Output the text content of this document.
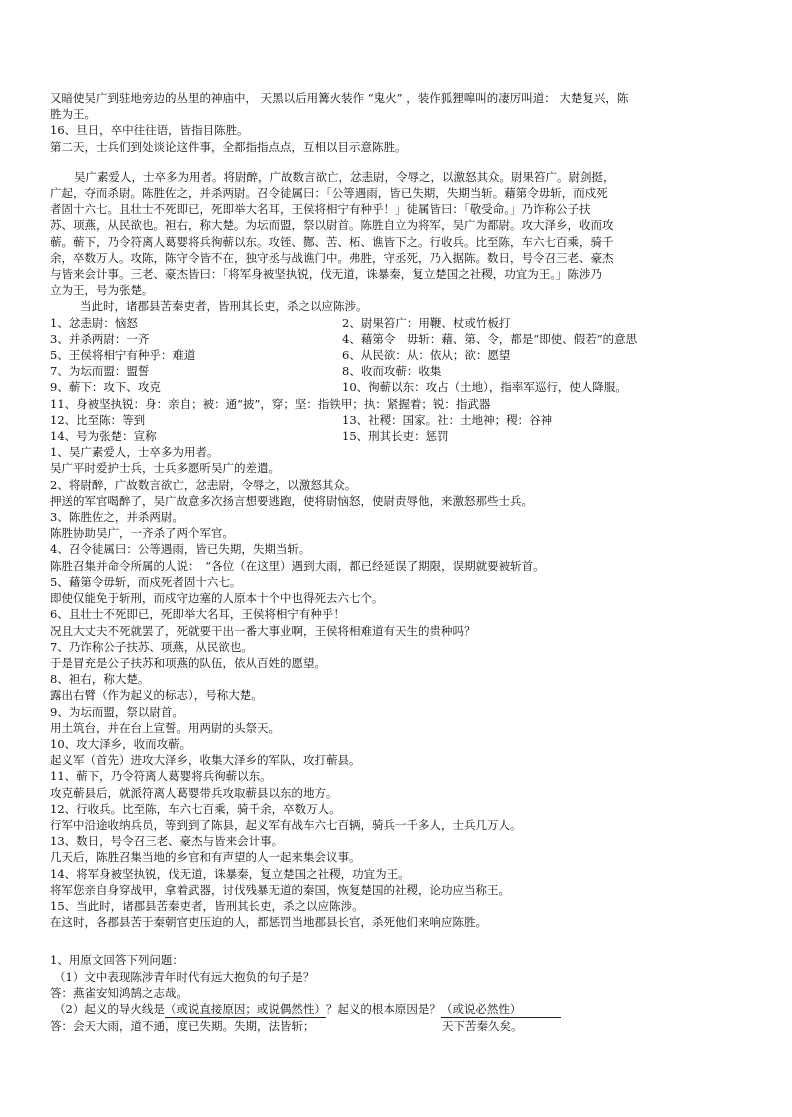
又暗使吴广到驻地旁边的丛里的神庙中， 天黑以后用篝火装作 “鬼火” ，装作狐狸嗥叫的凄厉叫道： 大楚复兴，陈
胜为王。
16、旦日，卒中往往语，皆指目陈胜。
第二天，士兵们到处谈论这件事，全都指指点点，互相以目示意陈胜。
吴广素爱人，士卒多为用者。将尉醉，广故数言欲亡，忿恚尉，令辱之，以激怒其众。尉果笞广。尉剑挺，
广起，夺而杀尉。陈胜佐之，并杀两尉。召令徒属曰：「公等遇雨，皆已失期，失期当斩。藉第令毋斩，而戍死
者固十六七。且壮士不死即已，死即举大名耳，王侯将相宁有种乎！」徒属皆曰：「敬受命。」乃诈称公子扶
苏、项燕，从民欲也。袒右，称大楚。为坛而盟，祭以尉首。陈胜自立为将军，吴广为都尉。攻大泽乡，收而攻
蕲。蕲下，乃令符离人葛婴将兵徇蕲以东。攻铚、酂、苦、柘、谯皆下之。行收兵。比至陈，车六七百乘，骑千
余，卒数万人。攻陈，陈守令皆不在，独守丞与战谯门中。弗胜，守丞死，乃入据陈。数日，号令召三老、豪杰
与皆来会计事。三老、豪杰皆曰：「将军身被坚执锐，伐无道，诛暴秦，复立楚国之社稷，功宜为王。」陈涉乃
立为王，号为张楚。
当此时，诸郡县苦秦吏者，皆刑其长吏，杀之以应陈涉。
1、忿恚尉：恼怒	2、尉果笞广：用鞭、杖或竹板打
3、并杀两尉：一齐	4、藉第令　毋斩：藉、第、令，都是“即使、假若”的意思
5、王侯将相宁有种乎：难道	6、从民欲：从：依从；欲：愿望
7、为坛而盟：盟誓	8、收而攻蕲：收集
9、蕲下：攻下、攻克	10、徇蕲以东：攻占（土地），指率军巡行，使人降服。
11、身被坚执锐：身：亲自；被：通“披”，穿；坚：指铁甲；执：紧握着；锐：指武器
12、比至陈：等到	13、社稷：国家。社：土地神；稷：谷神
14、号为张楚：宣称	15、刑其长吏：惩罚
1、吴广素爱人，士卒多为用者。
吴广平时爱护士兵，士兵多愿听吴广的差遣。
2、将尉醉，广故数言欲亡，忿恚尉，令辱之，以激怒其众。
押送的军官喝醉了，吴广故意多次扬言想要逃跑，使将尉恼怒，使尉责辱他，来激怒那些士兵。
3、陈胜佐之，并杀两尉。
陈胜协助吴广，一齐杀了两个军官。
4、召令徒属曰：公等遇雨，皆已失期，失期当斩。
陈胜召集并命令所属的人说：　“各位（在这里）遇到大雨，都已经延误了期限，误期就要被斩首。
5、藉第令毋斩，而戍死者固十六七。
即使仅能免于斩刑，而戍守边塞的人原本十个中也得死去六七个。
6、且壮士不死即已，死即举大名耳，王侯将相宁有种乎！
况且大丈夫不死就罢了，死就要干出一番大事业啊，王侯将相难道有天生的贵种吗？
7、乃诈称公子扶苏、项燕，从民欲也。
于是冒充是公子扶苏和项燕的队伍，依从百姓的愿望。
8、袒右，称大楚。
露出右臂（作为起义的标志），号称大楚。
9、为坛而盟，祭以尉首。
用土筑台，并在台上宣誓。用两尉的头祭天。
10、攻大泽乡，收而攻蕲。
起义军（首先）进攻大泽乡，收集大泽乡的军队，攻打蕲县。
11、蕲下，乃令符离人葛婴将兵徇蕲以东。
攻克蕲县后，就派符离人葛婴带兵攻取蕲县以东的地方。
12、行收兵。比至陈，车六七百乘，骑千余，卒数万人。
行军中沿途收纳兵员，等到到了陈县，起义军有战车六七百辆，骑兵一千多人，士兵几万人。
13、数日，号令召三老、豪杰与皆来会计事。
几天后，陈胜召集当地的乡官和有声望的人一起来集会议事。
14、将军身被坚执锐，伐无道，诛暴秦，复立楚国之社稷，功宜为王。
将军您亲自身穿战甲，拿着武器，讨伐残暴无道的秦国，恢复楚国的社稷，论功应当称王。
15、当此时，诸郡县苦秦吏者，皆刑其长吏，杀之以应陈涉。
在这时，各郡县苦于秦朝官吏压迫的人，都惩罚当地郡县长官，杀死他们来响应陈胜。
1、用原文回答下列问题：
（1）文中表现陈涉青年时代有远大抱负的句子是？
答：燕雀安知鸿鹄之志哉。
（2）起义的导火线是（或说直接原因；或说偶然性）？起义的根本原因是？（或说必然性）
答：会天大雨，道不通，度已失期。失期，法皆斩；	天下苦秦久矣。
